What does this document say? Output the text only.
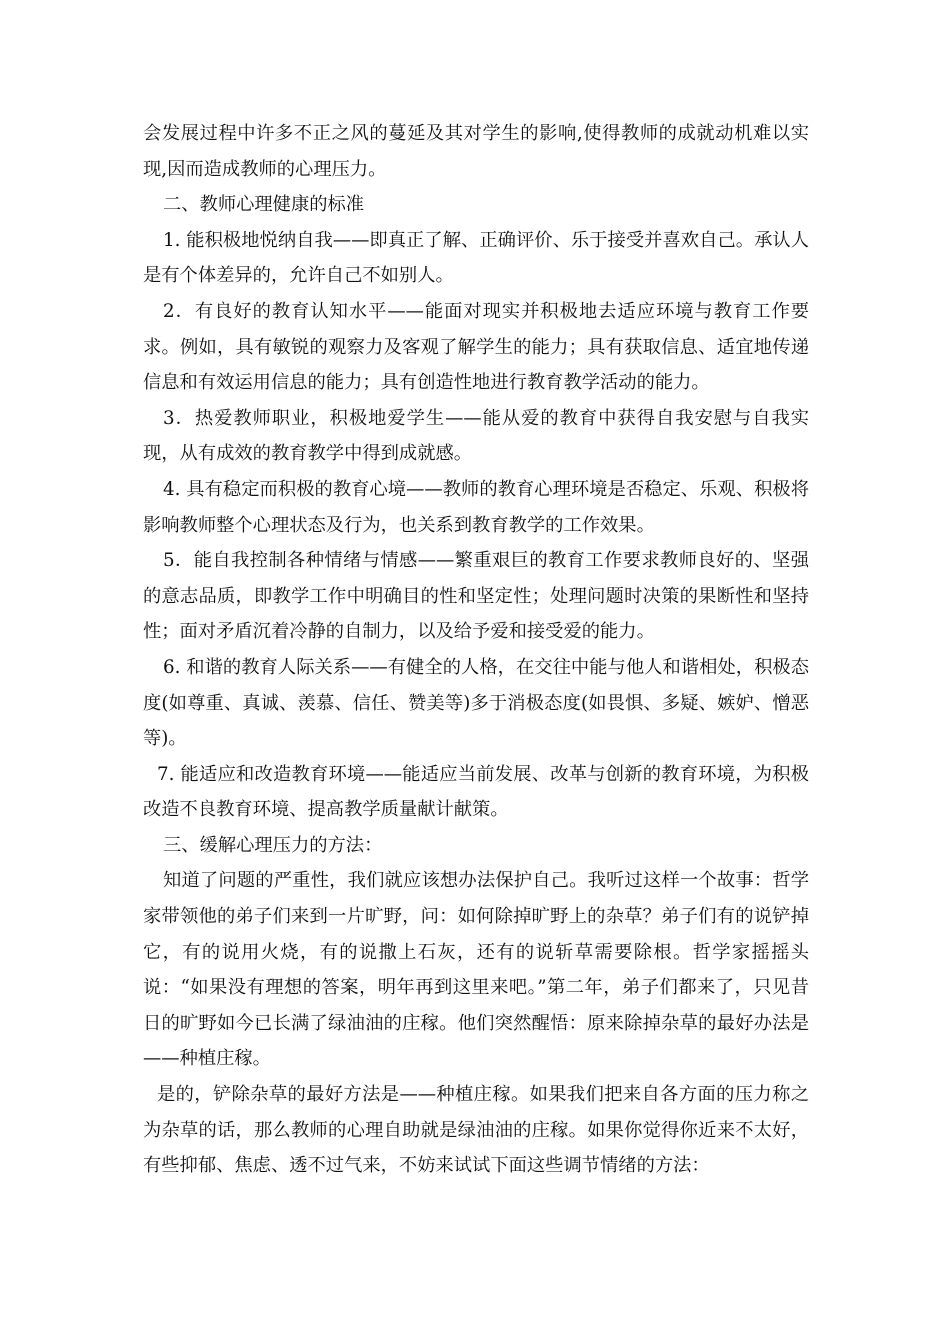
会发展过程中许多不正之风的蔓延及其对学生的影响,使得教师的成就动机难以实现,因而造成教师的心理压力。

二、教师心理健康的标准

1. 能积极地悦纳自我——即真正了解、正确评价、乐于接受并喜欢自己。承认人是有个体差异的，允许自己不如别人。

2．有良好的教育认知水平——能面对现实并积极地去适应环境与教育工作要求。例如，具有敏锐的观察力及客观了解学生的能力；具有获取信息、适宜地传递信息和有效运用信息的能力；具有创造性地进行教育教学活动的能力。

3．热爱教师职业，积极地爱学生——能从爱的教育中获得自我安慰与自我实现，从有成效的教育教学中得到成就感。

4. 具有稳定而积极的教育心境——教师的教育心理环境是否稳定、乐观、积极将影响教师整个心理状态及行为，也关系到教育教学的工作效果。

5．能自我控制各种情绪与情感——繁重艰巨的教育工作要求教师良好的、坚强的意志品质，即教学工作中明确目的性和坚定性；处理问题时决策的果断性和坚持性；面对矛盾沉着冷静的自制力，以及给予爱和接受爱的能力。

6. 和谐的教育人际关系——有健全的人格，在交往中能与他人和谐相处，积极态度(如尊重、真诚、羡慕、信任、赞美等)多于消极态度(如畏惧、多疑、嫉妒、憎恶等)。

7. 能适应和改造教育环境——能适应当前发展、改革与创新的教育环境，为积极改造不良教育环境、提高教学质量献计献策。

三、缓解心理压力的方法：

知道了问题的严重性，我们就应该想办法保护自己。我听过这样一个故事：哲学家带领他的弟子们来到一片旷野，问：如何除掉旷野上的杂草？弟子们有的说铲掉它，有的说用火烧，有的说撒上石灰，还有的说斩草需要除根。哲学家摇摇头说：“如果没有理想的答案，明年再到这里来吧。”第二年，弟子们都来了，只见昔日的旷野如今已长满了绿油油的庄稼。他们突然醒悟：原来除掉杂草的最好办法是——种植庄稼。

是的，铲除杂草的最好方法是——种植庄稼。如果我们把来自各方面的压力称之为杂草的话，那么教师的心理自助就是绿油油的庄稼。如果你觉得你近来不太好，有些抑郁、焦虑、透不过气来，不妨来试试下面这些调节情绪的方法：
